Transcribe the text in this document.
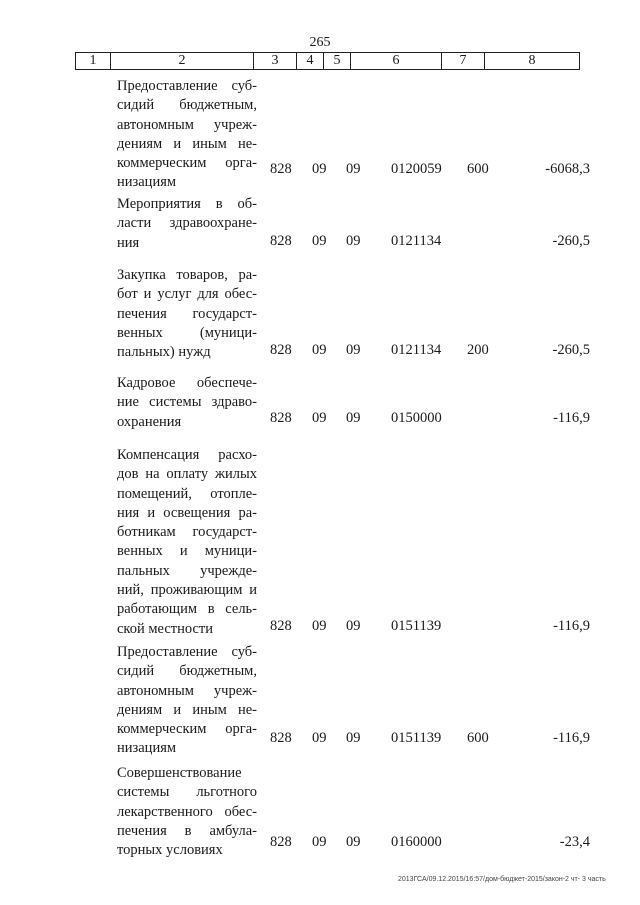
265
1	2	3	4	5	6	7	8
Предоставление суб-
сидий бюджетным,
автономным учреж-
дениям и иным не-
коммерческим орга-
низациям
828 09 09 0120059 600	-6068,3
Мероприятия в об-
ласти здравоохране-
ния	828 09 09 0121134	-260,5
Закупка товаров, ра-
бот и услуг для обес-
печения государст-
венных (муници-
пальных) нужд	828 09 09 0121134 200	-260,5
Кадровое обеспече-
ние системы здраво-
охранения	828 09 09 0150000	-116,9
Компенсация расхо-
дов на оплату жилых
помещений, отопле-
ния и освещения ра-
ботникам государст-
венных и муници-
пальных учрежде-
ний, проживающим и
работающим в сель-
ской местности	828 09 09 0151139	-116,9
Предоставление суб-
сидий бюджетным,
автономным учреж-
дениям и иным не-
коммерческим орга-
низациям
828 09 09 0151139 600	-116,9
Совершенствование
системы льготного
лекарственного обес-
печения в амбула-
торных условиях
828 09 09 0160000	-23,4
2013ГСА/09.12.2015/16:57/дом-бюджет-2015/закон-2 чт- 3 часть
